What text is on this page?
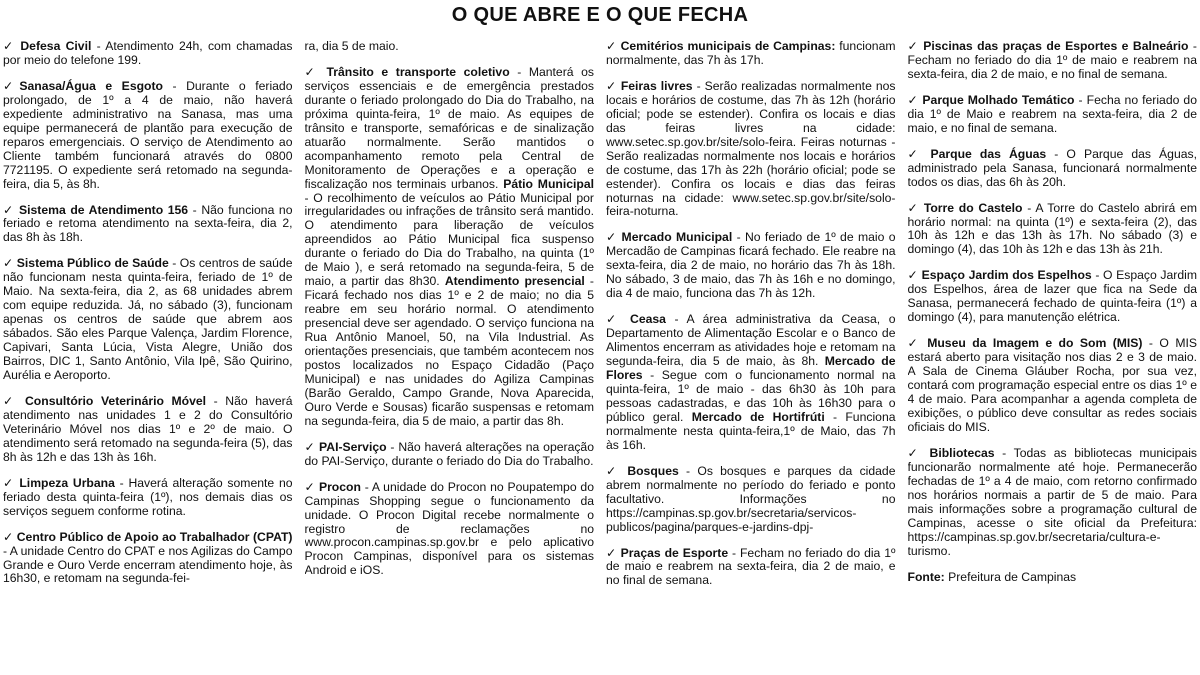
O QUE ABRE E O QUE FECHA

✓ Defesa Civil - Atendimento 24h, com chamadas por meio do telefone 199.

✓Sanasa/Água e Esgoto - Durante o feriado prolongado, de 1º a 4 de maio, não haverá expediente administrativo na Sanasa, mas uma equipe permanecerá de plantão para execução de reparos emergenciais. O serviço de Atendimento ao Cliente também funcionará através do 0800 7721195. O expediente será retomado na segunda-feira, dia 5, às 8h.

✓ Sistema de Atendimento 156 - Não funciona no feriado e retoma atendimento na sexta-feira, dia 2, das 8h às 18h.

✓ Sistema Público de Saúde - Os centros de saúde não funcionam nesta quinta-feira, feriado de 1º de Maio. Na sexta-feira, dia 2, as 68 unidades abrem com equipe reduzida. Já, no sábado (3), funcionam apenas os centros de saúde que abrem aos sábados. São eles Parque Valença, Jardim Florence, Capivari, Santa Lúcia, Vista Alegre, União dos Bairros, DIC 1, Santo Antônio, Vila Ipê, São Quirino, Aurélia e Aeroporto.

✓ Consultório Veterinário Móvel - Não haverá atendimento nas unidades 1 e 2 do Consultório Veterinário Móvel nos dias 1º e 2º de maio. O atendimento será retomado na segunda-feira (5), das 8h às 12h e das 13h às 16h.

✓ Limpeza Urbana - Haverá alteração somente no feriado desta quinta-feira (1º), nos demais dias os serviços seguem conforme rotina.

✓ Centro Público de Apoio ao Trabalhador (CPAT) - A unidade Centro do CPAT e nos Agilizas do Campo Grande e Ouro Verde encerram atendimento hoje, às 16h30, e retomam na segunda-fei-

ra, dia 5 de maio.

✓ Trânsito e transporte coletivo - Manterá os serviços essenciais e de emergência prestados durante o feriado prolongado do Dia do Trabalho, na próxima quinta-feira, 1º de maio. As equipes de trânsito e transporte, semafóricas e de sinalização atuarão normalmente. Serão mantidos o acompanhamento remoto pela Central de Monitoramento de Operações e a operação e fiscalização nos terminais urbanos. Pátio Municipal - O recolhimento de veículos ao Pátio Municipal por irregularidades ou infrações de trânsito será mantido. O atendimento para liberação de veículos apreendidos ao Pátio Municipal fica suspenso durante o feriado do Dia do Trabalho, na quinta (1º de Maio ), e será retomado na segunda-feira, 5 de maio, a partir das 8h30. Atendimento presencial - Ficará fechado nos dias 1º e 2 de maio; no dia 5 reabre em seu horário normal. O atendimento presencial deve ser agendado. O serviço funciona na Rua Antônio Manoel, 50, na Vila Industrial. As orientações presenciais, que também acontecem nos postos localizados no Espaço Cidadão (Paço Municipal) e nas unidades do Agiliza Campinas (Barão Geraldo, Campo Grande, Nova Aparecida, Ouro Verde e Sousas) ficarão suspensas e retomam na segunda-feira, dia 5 de maio, a partir das 8h.

✓ PAI-Serviço - Não haverá alterações na operação do PAI-Serviço, durante o feriado do Dia do Trabalho.

✓ Procon - A unidade do Procon no Poupatempo do Campinas Shopping segue o funcionamento da unidade. O Procon Digital recebe normalmente o registro de reclamações no www.procon.campinas.sp.gov.br e pelo aplicativo Procon Campinas, disponível para os sistemas Android e iOS.

✓ Cemitérios municipais de Campinas: funcionam normalmente, das 7h às 17h.

✓ Feiras livres - Serão realizadas normalmente nos locais e horários de costume, das 7h às 12h (horário oficial; pode se estender). Confira os locais e dias das feiras livres na cidade: www.setec.sp.gov.br/site/solo-feira. Feiras noturnas - Serão realizadas normalmente nos locais e horários de costume, das 17h às 22h (horário oficial; pode se estender). Confira os locais e dias das feiras noturnas na cidade: www.setec.sp.gov.br/site/solo-feira-noturna.

✓ Mercado Municipal - No feriado de 1º de maio o Mercadão de Campinas ficará fechado. Ele reabre na sexta-feira, dia 2 de maio, no horário das 7h às 18h. No sábado, 3 de maio, das 7h às 16h e no domingo, dia 4 de maio, funciona das 7h às 12h.

✓ Ceasa - A área administrativa da Ceasa, o Departamento de Alimentação Escolar e o Banco de Alimentos encerram as atividades hoje e retomam na segunda-feira, dia 5 de maio, às 8h. Mercado de Flores - Segue com o funcionamento normal na quinta-feira, 1º de maio - das 6h30 às 10h para pessoas cadastradas, e das 10h às 16h30 para o público geral. Mercado de Hortifrúti - Funciona normalmente nesta quinta-feira,1º de Maio, das 7h às 16h.

✓ Bosques - Os bosques e parques da cidade abrem normalmente no período do feriado e ponto facultativo. Informações no https://campinas.sp.gov.br/secretaria/servicos-publicos/pagina/parques-e-jardins-dpj-

✓ Praças de Esporte - Fecham no feriado do dia 1º de maio e reabrem na sexta-feira, dia 2 de maio, e no final de semana.

✓ Piscinas das praças de Esportes e Balneário - Fecham no feriado do dia 1º de maio e reabrem na sexta-feira, dia 2 de maio, e no final de semana.

✓ Parque Molhado Temático - Fecha no feriado do dia 1º de Maio e reabrem na sexta-feira, dia 2 de maio, e no final de semana.

✓ Parque das Águas - O Parque das Águas, administrado pela Sanasa, funcionará normalmente todos os dias, das 6h às 20h.

✓ Torre do Castelo - A Torre do Castelo abrirá em horário normal: na quinta (1º) e sexta-feira (2), das 10h às 12h e das 13h às 17h. No sábado (3) e domingo (4), das 10h às 12h e das 13h às 21h.

✓ Espaço Jardim dos Espelhos - O Espaço Jardim dos Espelhos, área de lazer que fica na Sede da Sanasa, permanecerá fechado de quinta-feira (1º) a domingo (4), para manutenção elétrica.

✓ Museu da Imagem e do Som (MIS) - O MIS estará aberto para visitação nos dias 2 e 3 de maio. A Sala de Cinema Gláuber Rocha, por sua vez, contará com programação especial entre os dias 1º e 4 de maio. Para acompanhar a agenda completa de exibições, o público deve consultar as redes sociais oficiais do MIS.

✓ Bibliotecas - Todas as bibliotecas municipais funcionarão normalmente até hoje. Permanecerão fechadas de 1º a 4 de maio, com retorno confirmado nos horários normais a partir de 5 de maio. Para mais informações sobre a programação cultural de Campinas, acesse o site oficial da Prefeitura: https://campinas.sp.gov.br/secretaria/cultura-e-turismo.

Fonte: Prefeitura de Campinas
